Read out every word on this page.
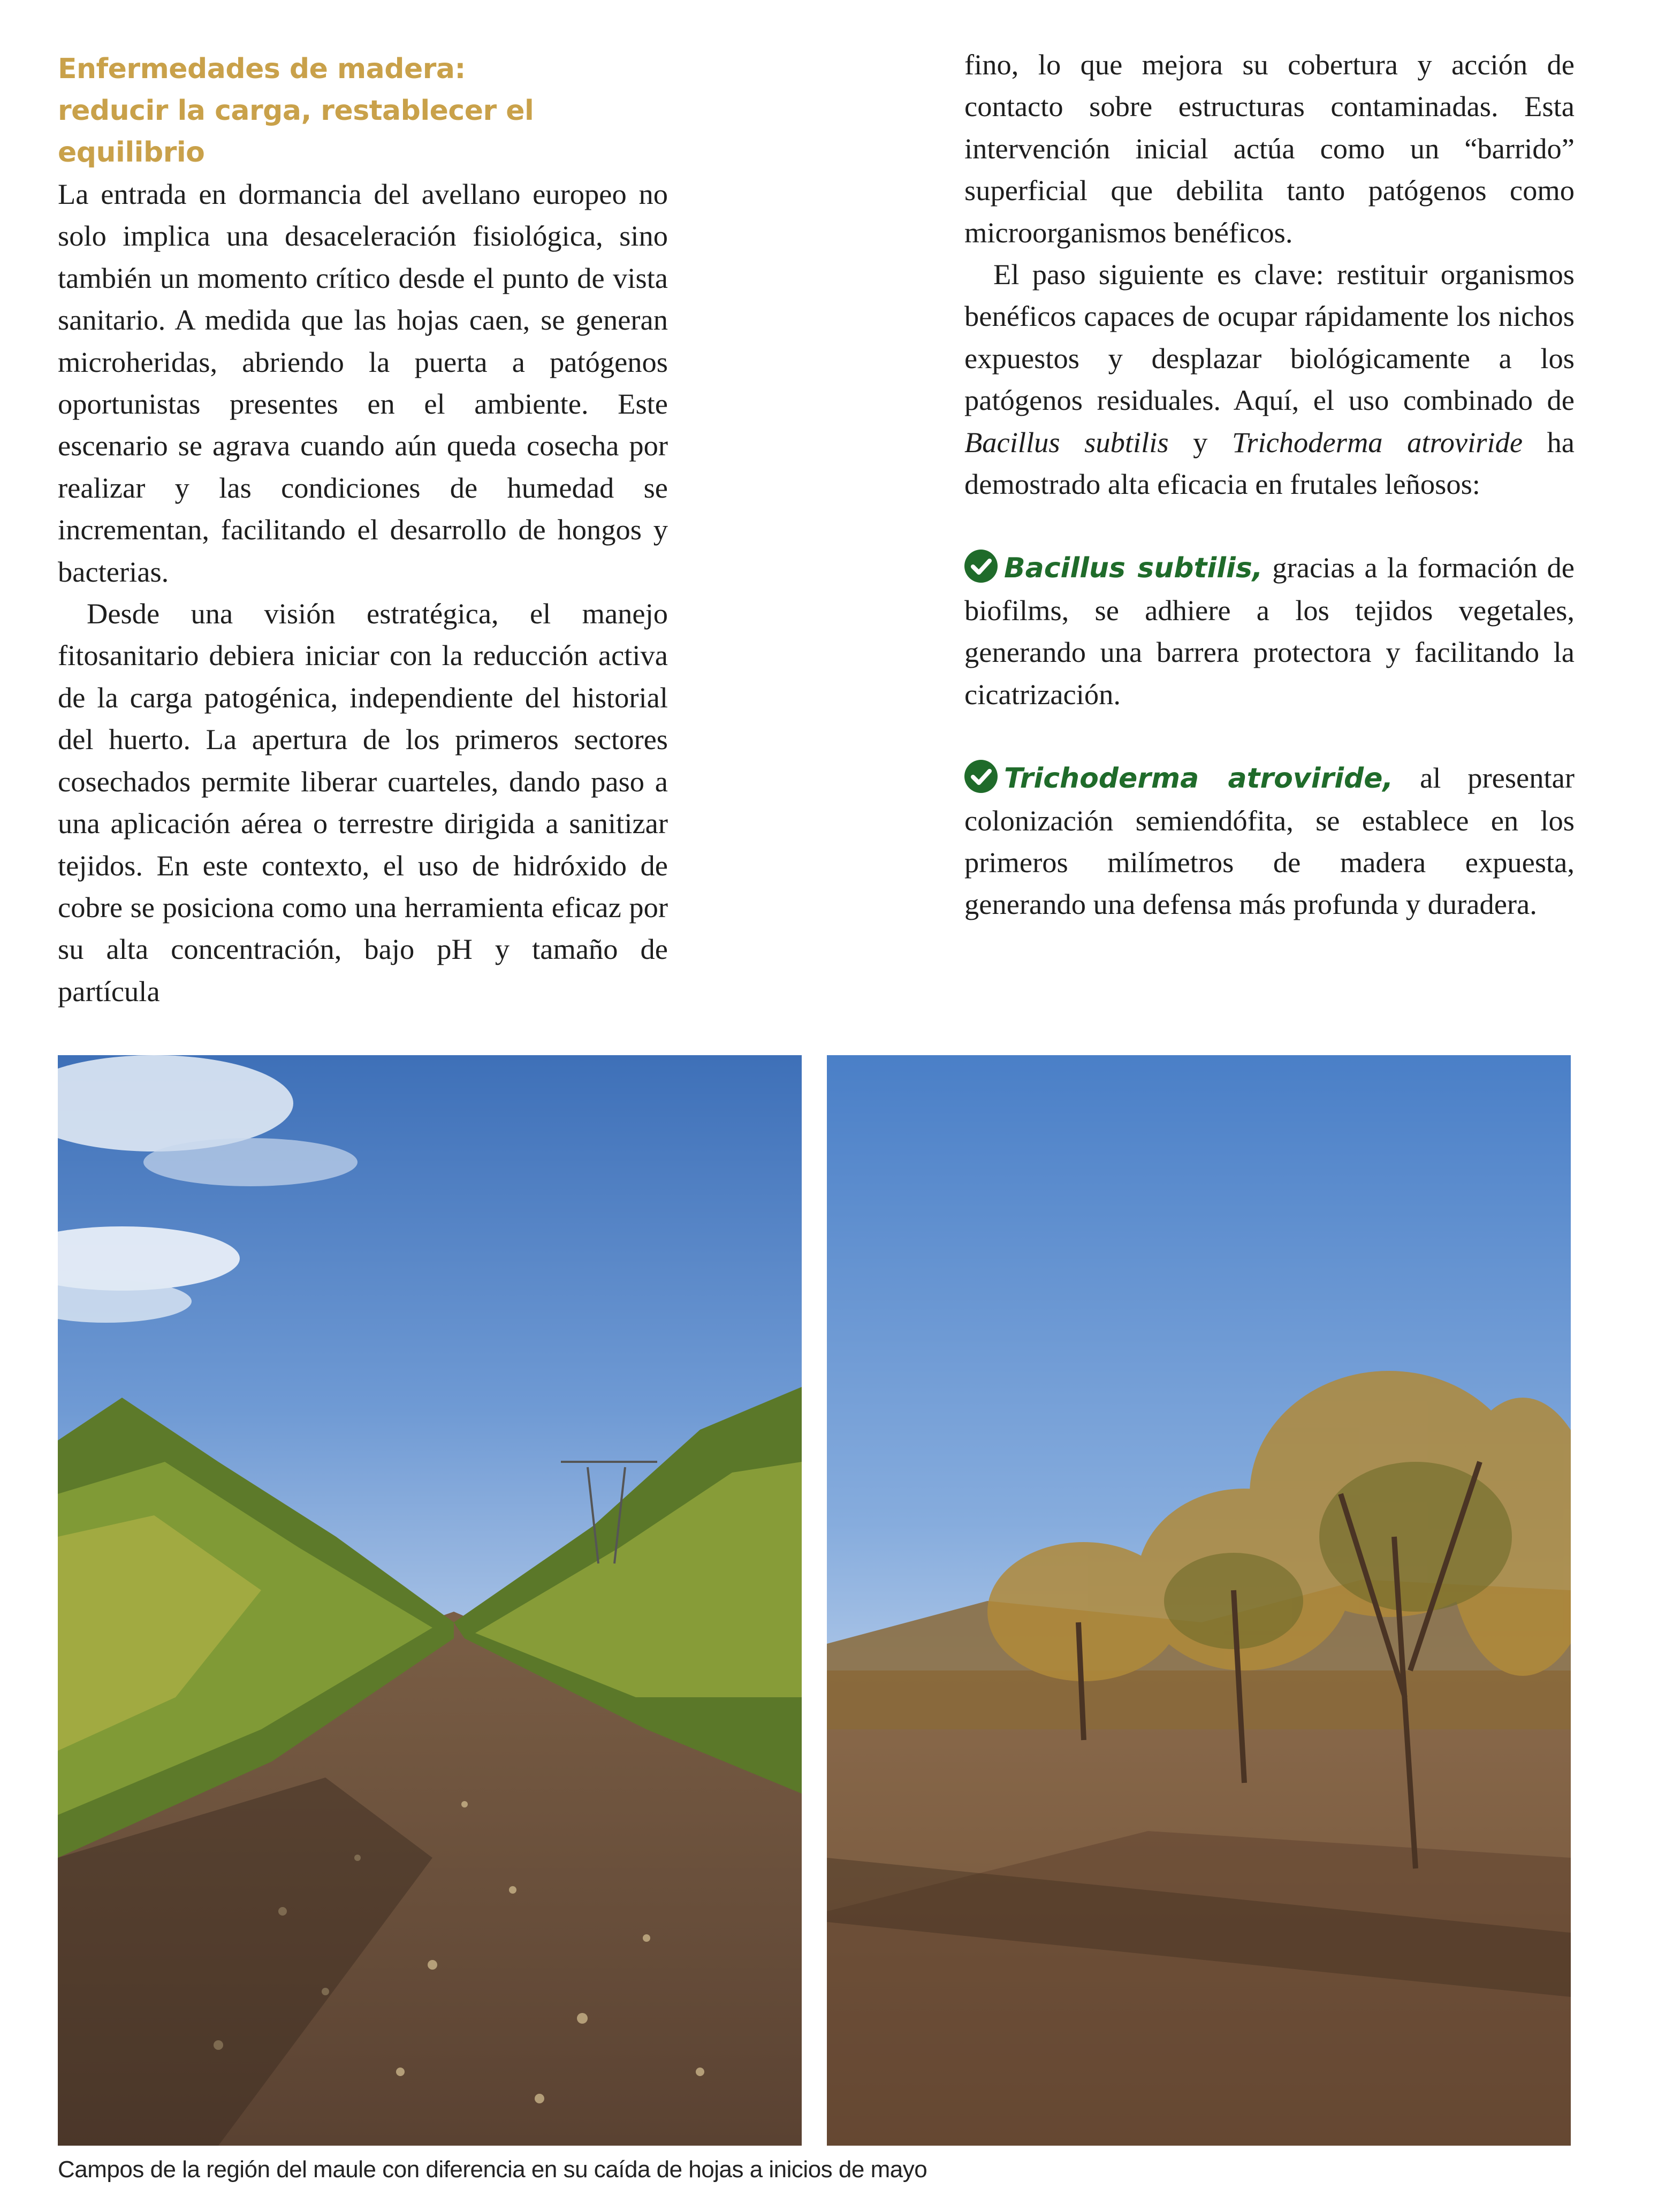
Enfermedades de madera:
reducir la carga, restablecer el equilibrio

La entrada en dormancia del avellano europeo no solo implica una desaceleración fisiológica, sino también un momento crítico desde el punto de vista sanitario. A medida que las hojas caen, se generan microheridas, abriendo la puerta a patógenos oportunistas presentes en el ambiente. Este escenario se agrava cuando aún queda cosecha por realizar y las condiciones de humedad se incrementan, facilitando el desarrollo de hongos y bacterias.

Desde una visión estratégica, el manejo fitosanitario debiera iniciar con la reducción activa de la carga patogénica, independiente del historial del huerto. La apertura de los primeros sectores cosechados permite liberar cuarteles, dando paso a una aplicación aérea o terrestre dirigida a sanitizar tejidos. En este contexto, el uso de hidróxido de cobre se posiciona como una herramienta eficaz por su alta concentración, bajo pH y tamaño de partícula

fino, lo que mejora su cobertura y acción de contacto sobre estructuras contaminadas. Esta intervención inicial actúa como un “barrido” superficial que debilita tanto patógenos como microorganismos benéficos.

El paso siguiente es clave: restituir organismos benéficos capaces de ocupar rápidamente los nichos expuestos y desplazar biológicamente a los patógenos residuales. Aquí, el uso combinado de Bacillus subtilis y Trichoderma atroviride ha demostrado alta eficacia en frutales leñosos:

Bacillus subtilis, gracias a la formación de biofilms, se adhiere a los tejidos vegetales, generando una barrera protectora y facilitando la cicatrización.

Trichoderma atroviride, al presentar colonización semiendófita, se establece en los primeros milímetros de madera expuesta, generando una defensa más profunda y duradera.

Campos de la región del maule con diferencia en su caída de hojas a inicios de mayo
